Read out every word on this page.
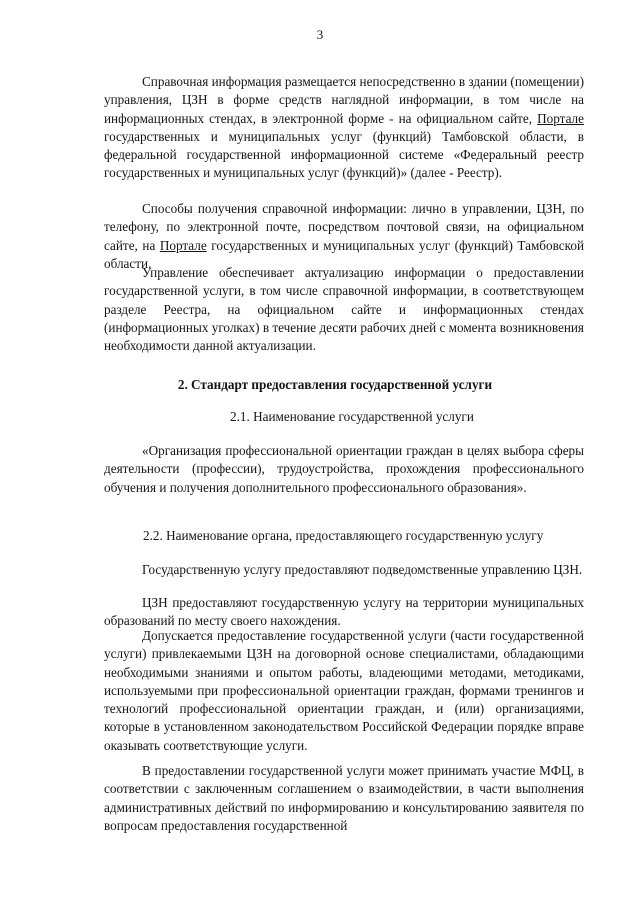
3

Справочная информация размещается непосредственно в здании (помещении) управления, ЦЗН в форме средств наглядной информации, в том числе на информационных стендах, в электронной форме - на официальном сайте, Портале государственных и муниципальных услуг (функций) Тамбовской области, в федеральной государственной информационной системе «Федеральный реестр государственных и муниципальных услуг (функций)» (далее - Реестр).

Способы получения справочной информации: лично в управлении, ЦЗН, по телефону, по электронной почте, посредством почтовой связи, на официальном сайте, на Портале государственных и муниципальных услуг (функций) Тамбовской области.

Управление обеспечивает актуализацию информации о предоставлении государственной услуги, в том числе справочной информации, в соответствующем разделе Реестра, на официальном сайте и информационных стендах (информационных уголках) в течение десяти рабочих дней с момента возникновения необходимости данной актуализации.

2. Стандарт предоставления государственной услуги
2.1. Наименование государственной услуги

«Организация профессиональной ориентации граждан в целях выбора сферы деятельности (профессии), трудоустройства, прохождения профессионального обучения и получения дополнительного профессионального образования».

2.2. Наименование органа, предоставляющего государственную услугу

Государственную услугу предоставляют подведомственные управлению ЦЗН.

ЦЗН предоставляют государственную услугу на территории муниципальных образований по месту своего нахождения.

Допускается предоставление государственной услуги (части государственной услуги) привлекаемыми ЦЗН на договорной основе специалистами, обладающими необходимыми знаниями и опытом работы, владеющими методами, методиками, используемыми при профессиональной ориентации граждан, формами тренингов и технологий профессиональной ориентации граждан, и (или) организациями, которые в установленном законодательством Российской Федерации порядке вправе оказывать соответствующие услуги.

В предоставлении государственной услуги может принимать участие МФЦ, в соответствии с заключенным соглашением о взаимодействии, в части выполнения административных действий по информированию и консультированию заявителя по вопросам предоставления государственной
